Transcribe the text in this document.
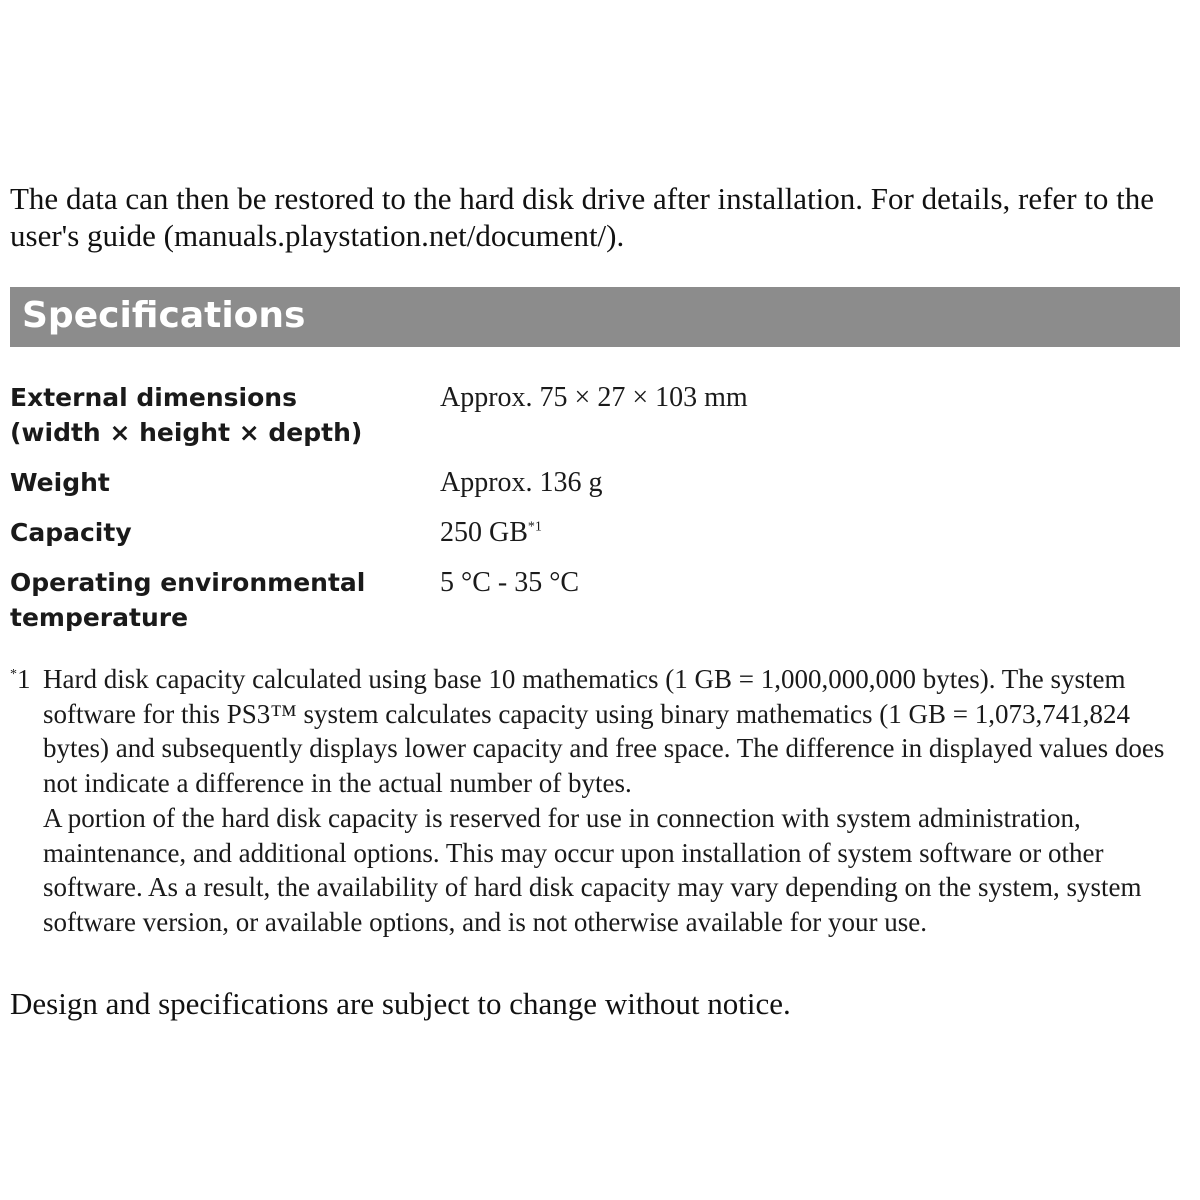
The data can then be restored to the hard disk drive after installation. For details, refer to the user's guide (manuals.playstation.net/document/).

Specifications
External dimensions
(width × height × depth)
Approx. 75 × 27 × 103 mm
Weight	Approx. 136 g
Capacity	250 GB$^{*1}$
Operating environmental
temperature
5 °C - 35 °C

*1 Hard disk capacity calculated using base 10 mathematics (1 GB = 1,000,000,000 bytes). The system software for this PS3™ system calculates capacity using binary mathematics (1 GB = 1,073,741,824 bytes) and subsequently displays lower capacity and free space. The difference in displayed values does not indicate a difference in the actual number of bytes.

A portion of the hard disk capacity is reserved for use in connection with system administration, maintenance, and additional options. This may occur upon installation of system software or other software. As a result, the availability of hard disk capacity may vary depending on the system, system software version, or available options, and is not otherwise available for your use.

Design and specifications are subject to change without notice.
